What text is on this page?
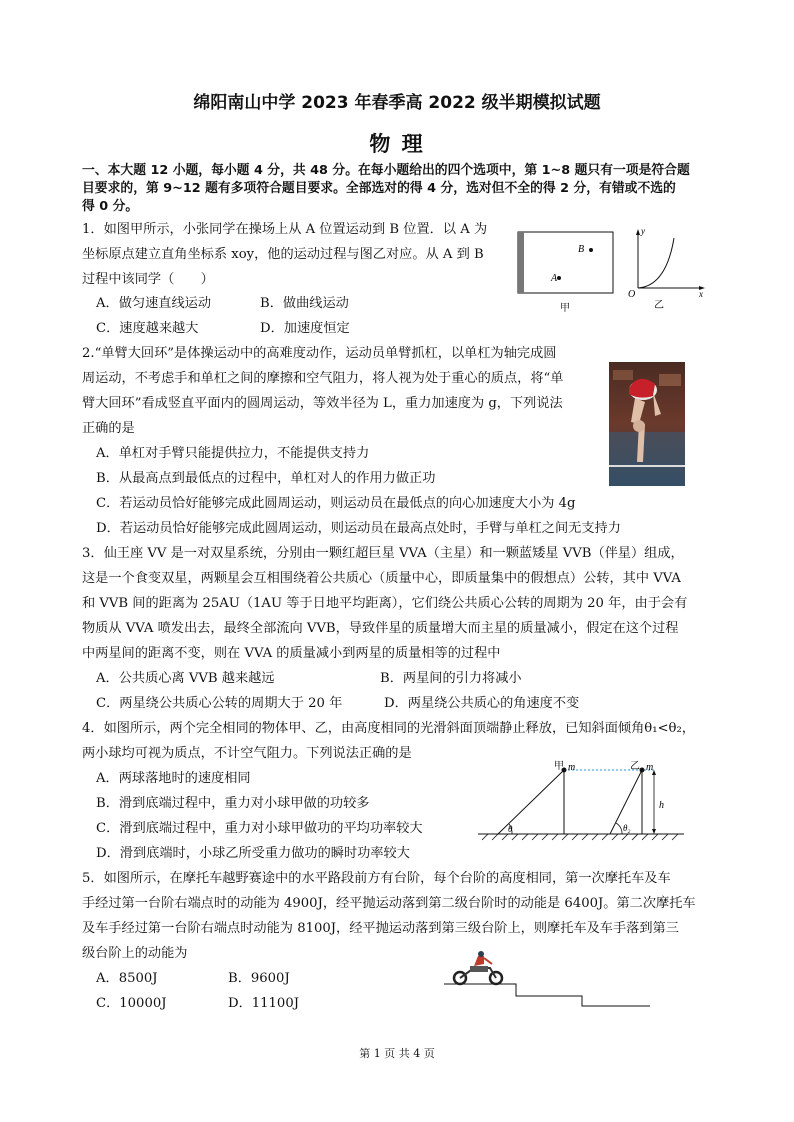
绵阳南山中学 2023 年春季高 2022 级半期模拟试题
物 理
一、本大题 12 小题，每小题 4 分，共 48 分。在每小题给出的四个选项中，第 1~8 题只有一项是符合题
目要求的，第 9~12 题有多项符合题目要求。全部选对的得 4 分，选对但不全的得 2 分，有错或不选的
得 0 分。
1．如图甲所示，小张同学在操场上从 A 位置运动到 B 位置．以 A 为
坐标原点建立直角坐标系 xoy，他的运动过程与图乙对应。从 A 到 B
过程中该同学（　　）
A．做匀速直线运动	B．做曲线运动
C．速度越来越大	D．加速度恒定
B
A
甲
y
x
O
乙
2.“单臂大回环”是体操运动中的高难度动作，运动员单臂抓杠，以单杠为轴完成圆
周运动，不考虑手和单杠之间的摩擦和空气阻力，将人视为处于重心的质点，将“单
臂大回环”看成竖直平面内的圆周运动，等效半径为 L，重力加速度为 g，下列说法
正确的是
A．单杠对手臂只能提供拉力，不能提供支持力
B．从最高点到最低点的过程中，单杠对人的作用力做正功
C．若运动员恰好能够完成此圆周运动，则运动员在最低点的向心加速度大小为 4g
D．若运动员恰好能够完成此圆周运动，则运动员在最高点处时，手臂与单杠之间无支持力
3．仙王座 VV 是一对双星系统，分别由一颗红超巨星 VVA（主星）和一颗蓝矮星 VVB（伴星）组成，
这是一个食变双星，两颗星会互相围绕着公共质心（质量中心，即质量集中的假想点）公转，其中 VVA
和 VVB 间的距离为 25AU（1AU 等于日地平均距离），它们绕公共质心公转的周期为 20 年，由于会有
物质从 VVA 喷发出去，最终全部流向 VVB，导致伴星的质量增大而主星的质量减小，假定在这个过程
中两星间的距离不变，则在 VVA 的质量减小到两星的质量相等的过程中
A．公共质心离 VVB 越来越远	B．两星间的引力将减小
C．两星绕公共质心公转的周期大于 20 年	D．两星绕公共质心的角速度不变
4．如图所示，两个完全相同的物体甲、乙，由高度相同的光滑斜面顶端静止释放，已知斜面倾角θ₁<θ₂，
两小球均可视为质点，不计空气阻力。下列说法正确的是
A．两球落地时的速度相同
B．滑到底端过程中，重力对小球甲做的功较多
C．滑到底端过程中，重力对小球甲做功的平均功率较大
D．滑到底端时，小球乙所受重力做功的瞬时功率较大
甲 m	乙 m
h
θ	θ₂
5．如图所示，在摩托车越野赛途中的水平路段前方有台阶，每个台阶的高度相同，第一次摩托车及车
手经过第一台阶右端点时的动能为 4900J，经平抛运动落到第二级台阶时的动能是 6400J。第二次摩托车
及车手经过第一台阶右端点时动能为 8100J，经平抛运动落到第三级台阶上，则摩托车及车手落到第三
级台阶上的动能为
A．8500J	B．9600J
C．10000J	D．11100J
第 1 页 共 4 页
